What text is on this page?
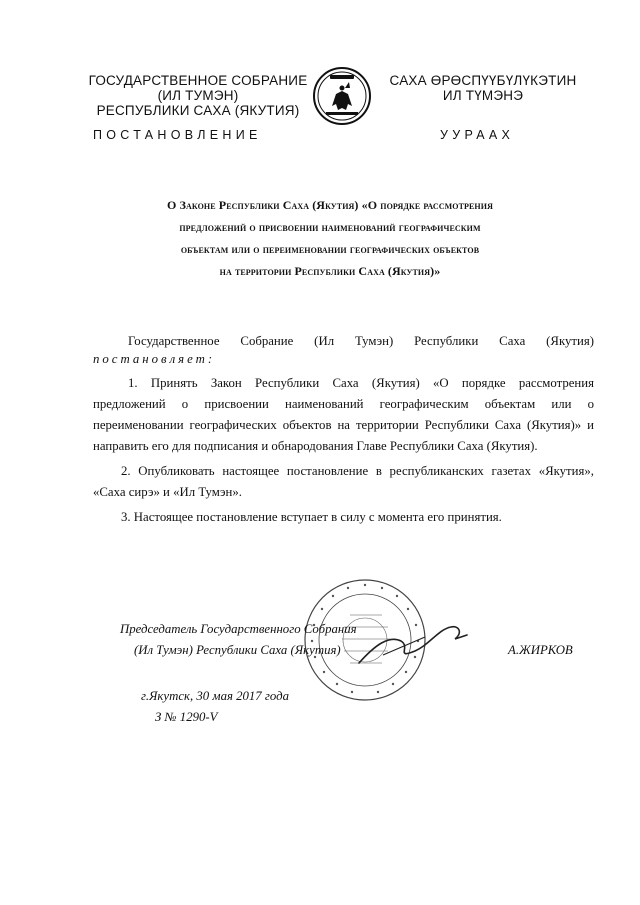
ГОСУДАРСТВЕННОЕ СОБРАНИЕ
(ИЛ ТУМЭН)
РЕСПУБЛИКИ САХА (ЯКУТИЯ)
САХА ӨРӨСПҮҮБҮЛҮКЭТИН
ИЛ ТҮМЭНЭ
ПОСТАНОВЛЕНИЕ	УУРААХ
О Законе Республики Саха (Якутия) «О порядке рассмотрения
предложений о присвоении наименований географическим
объектам или о переименовании географических объектов
на территории Республики Саха (Якутия)»
Государственное Собрание (Ил Тумэн) Республики Саха (Якутия)
постановляет:
1. Принять Закон Республики Саха (Якутия) «О порядке рассмотрения
предложений о присвоении наименований географическим объектам или о
переименовании географических объектов на территории Республики Саха (Якутия)» и
направить его для подписания и обнародования Главе Республики Саха (Якутия).
2. Опубликовать настоящее постановление в республиканских газетах «Якутия»,
«Саха сирэ» и «Ил Тумэн».
3. Настоящее постановление вступает в силу с момента его принятия.
Председатель Государственного Собрания
(Ил Тумэн) Республики Саха (Якутия)	А.ЖИРКОВ
г.Якутск, 30 мая 2017 года
З № 1290-V
